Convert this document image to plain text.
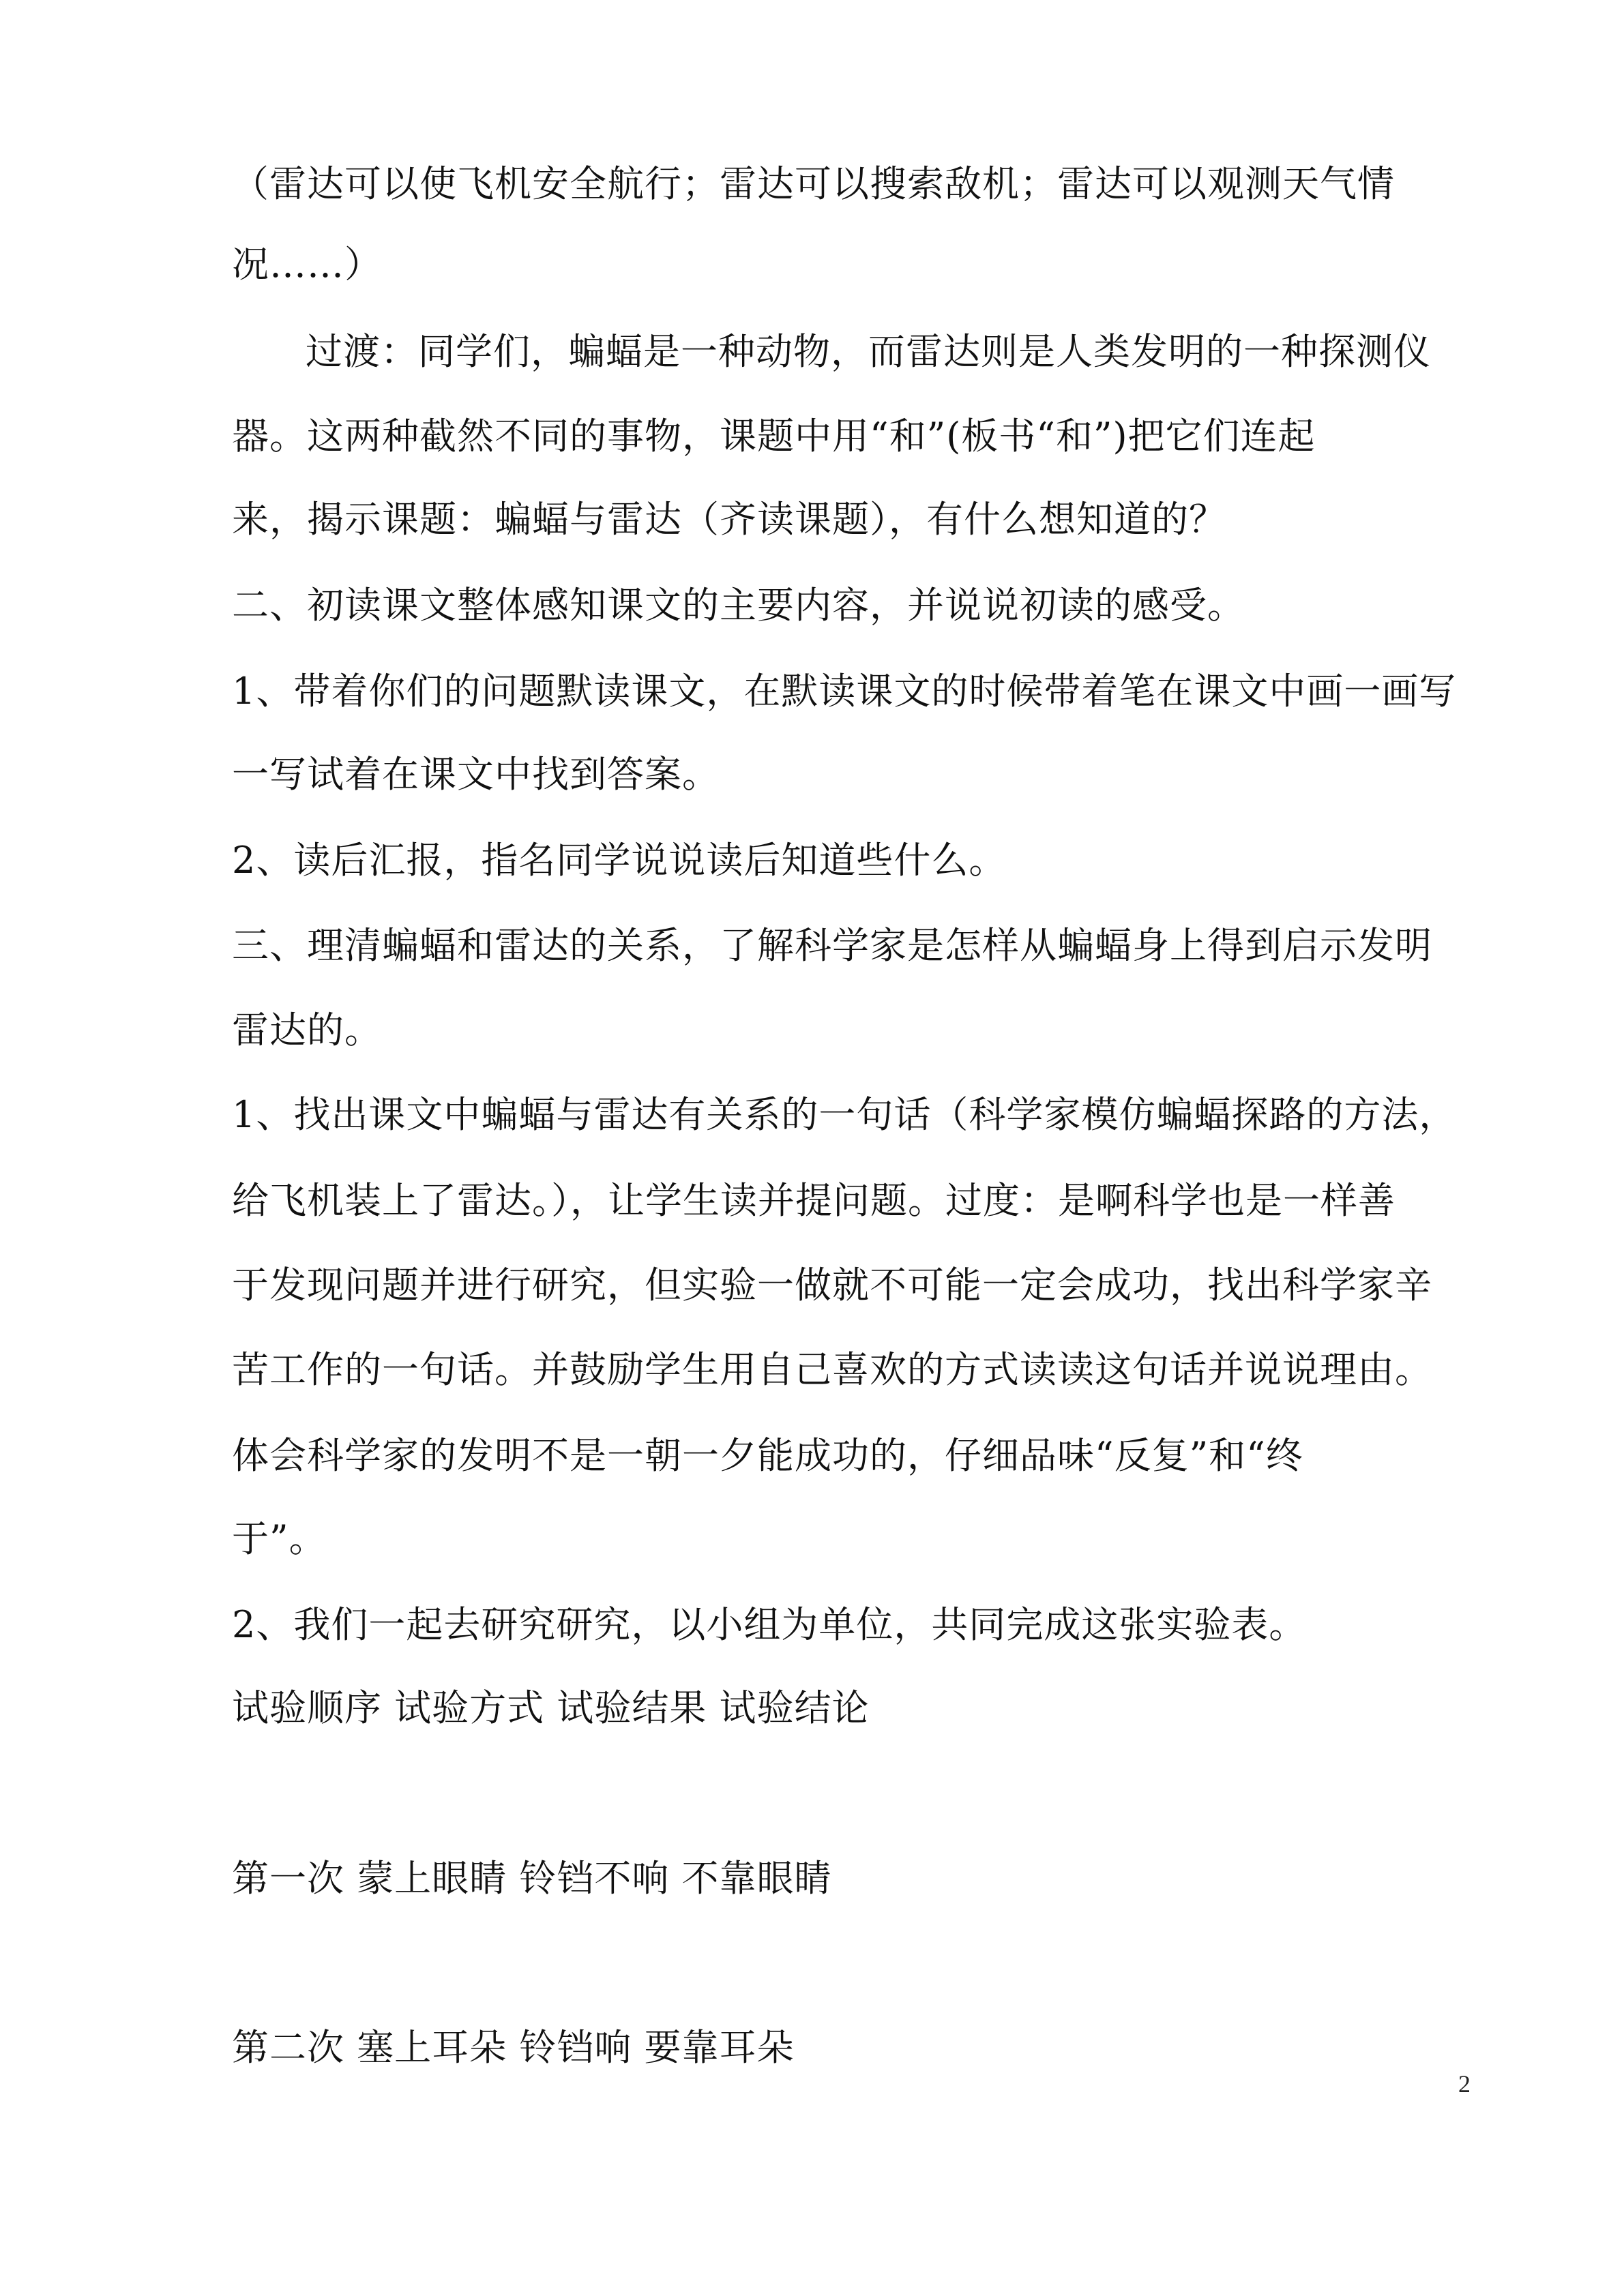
（雷达可以使飞机安全航行；雷达可以搜索敌机；雷达可以观测天气情
况……）
过渡：同学们，蝙蝠是一种动物，而雷达则是人类发明的一种探测仪
器。这两种截然不同的事物，课题中用“和”(板书“和”)把它们连起
来，揭示课题：蝙蝠与雷达（齐读课题），有什么想知道的？
二、初读课文整体感知课文的主要内容，并说说初读的感受。
1、带着你们的问题默读课文，在默读课文的时候带着笔在课文中画一画写
一写试着在课文中找到答案。
2、读后汇报，指名同学说说读后知道些什么。
三、理清蝙蝠和雷达的关系，了解科学家是怎样从蝙蝠身上得到启示发明
雷达的。
1、找出课文中蝙蝠与雷达有关系的一句话（科学家模仿蝙蝠探路的方法，
给飞机装上了雷达。），让学生读并提问题。过度：是啊科学也是一样善
于发现问题并进行研究，但实验一做就不可能一定会成功，找出科学家辛
苦工作的一句话。并鼓励学生用自己喜欢的方式读读这句话并说说理由。
体会科学家的发明不是一朝一夕能成功的，仔细品味“反复”和“终
于”。
2、我们一起去研究研究，以小组为单位，共同完成这张实验表。
试验顺序 试验方式 试验结果 试验结论
第一次 蒙上眼睛 铃铛不响 不靠眼睛
第二次 塞上耳朵 铃铛响 要靠耳朵
2
